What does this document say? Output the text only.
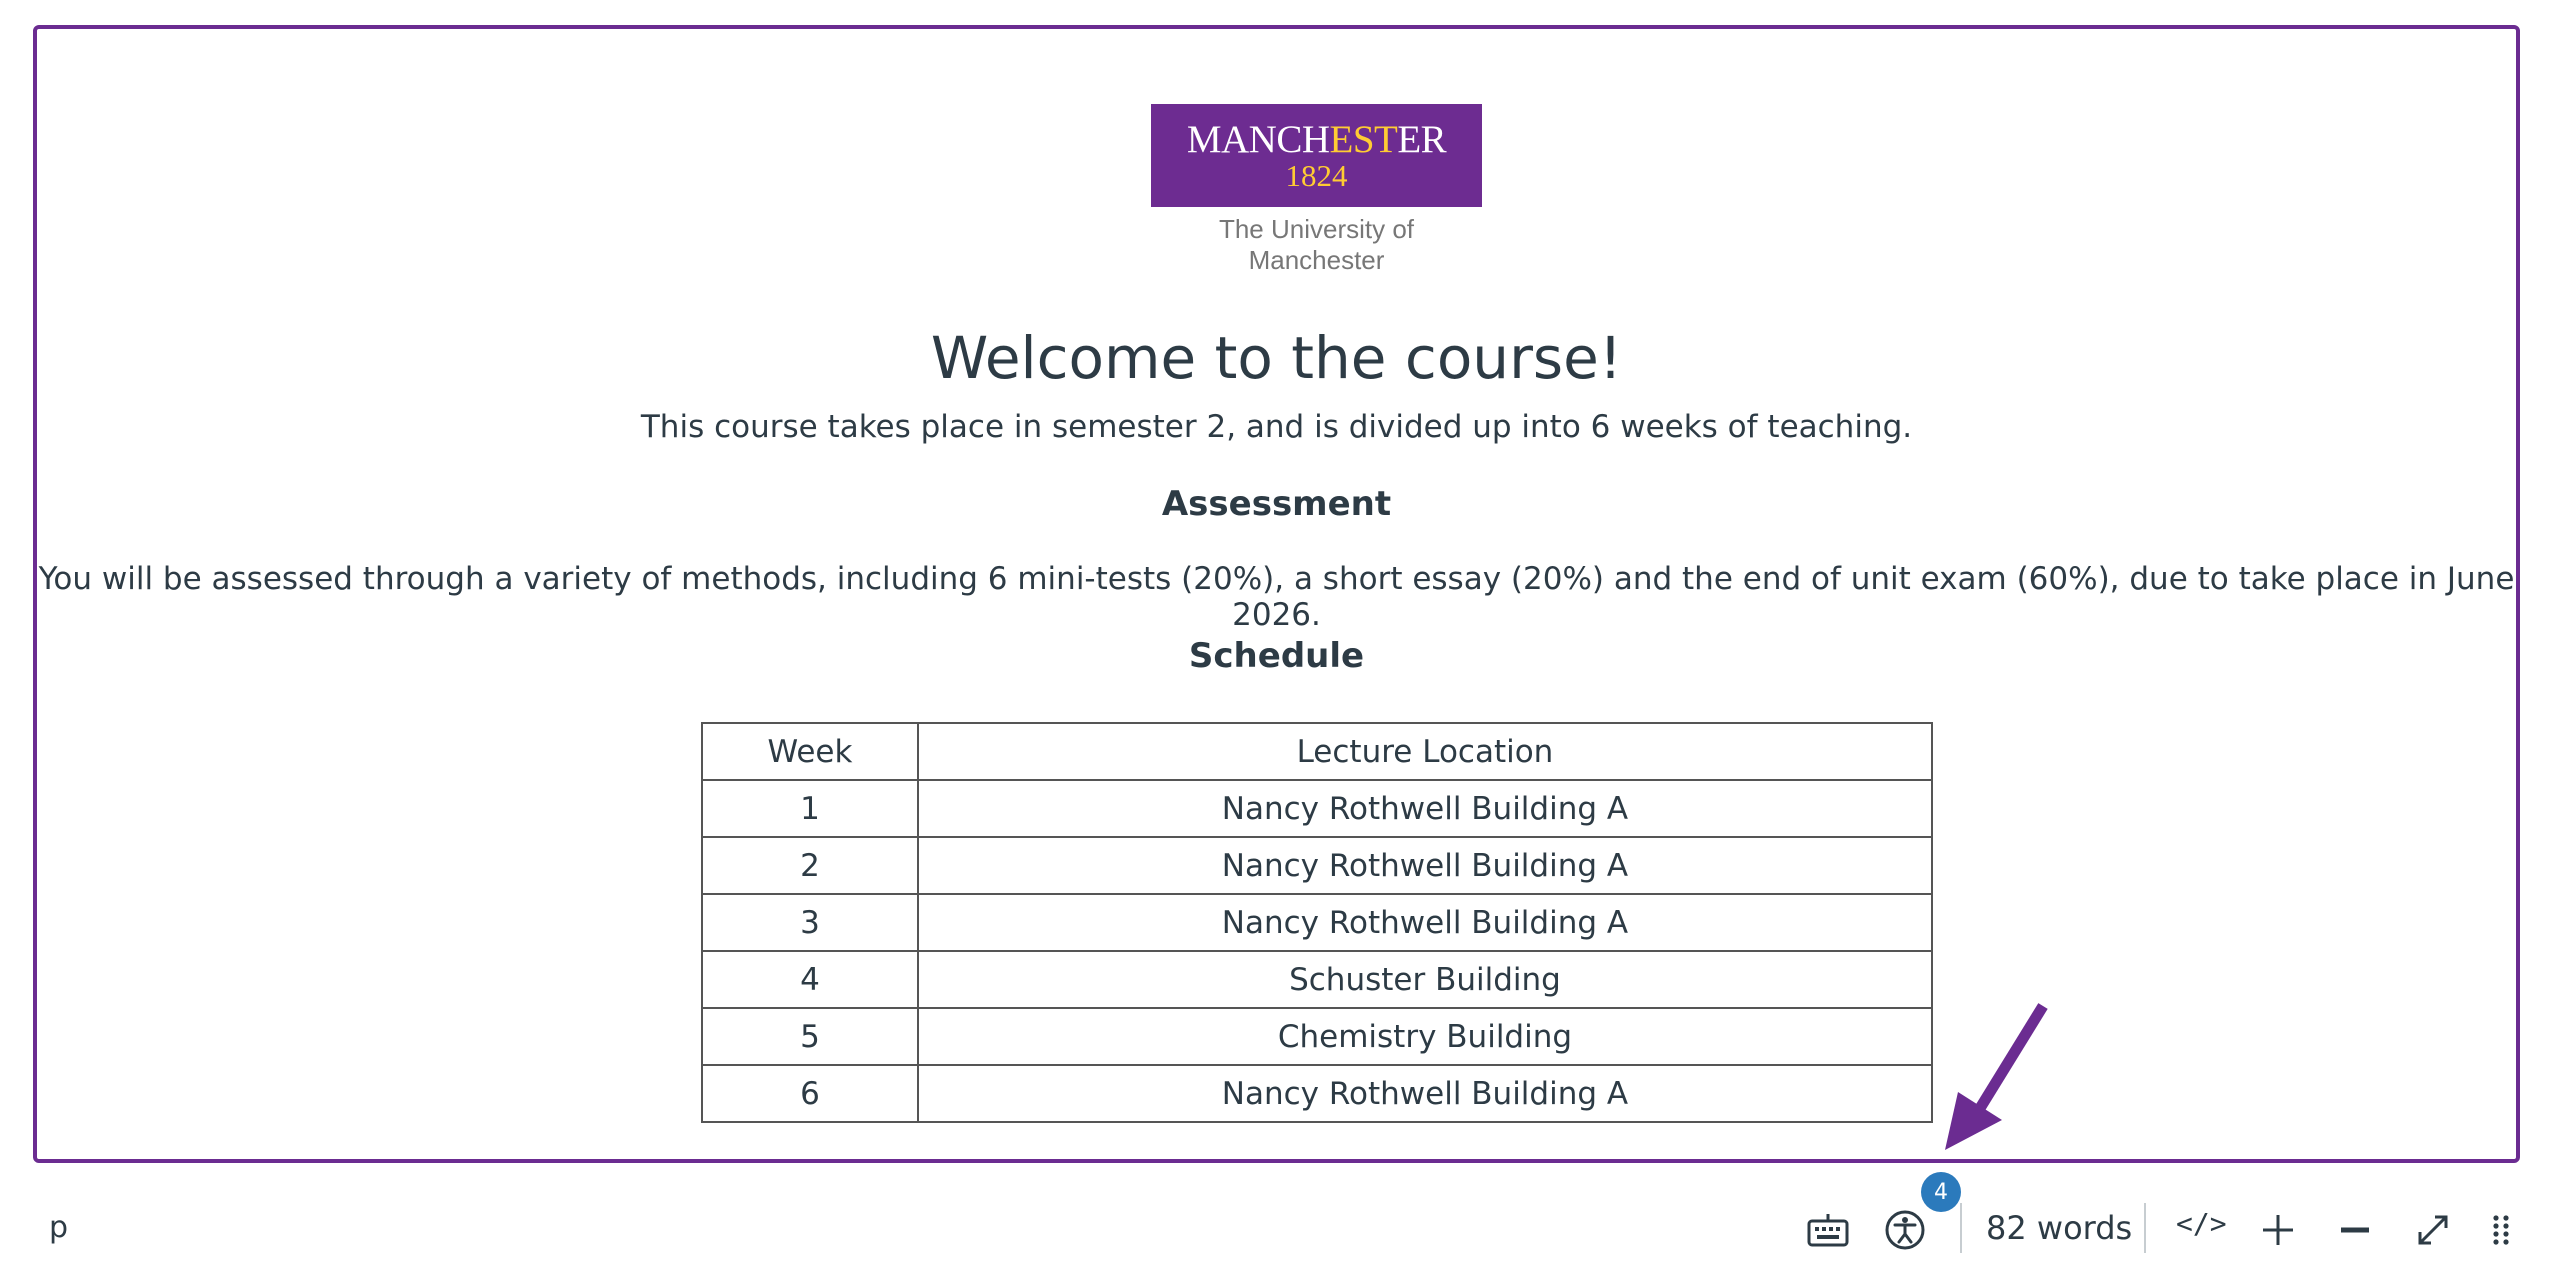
MANCHESTER
1824
The University of Manchester
Welcome to the course!

This course takes place in semester 2, and is divided up into 6 weeks of teaching.

Assessment

You will be assessed through a variety of methods, including 6 mini-tests (20%), a short essay (20%) and the end of unit exam (60%), due to take place in June 2026.

Schedule
Week	Lecture Location
1	Nancy Rothwell Building A
2	Nancy Rothwell Building A
3	Nancy Rothwell Building A
4	Schuster Building
5	Chemistry Building
6	Nancy Rothwell Building A
p	82 words </>
4
